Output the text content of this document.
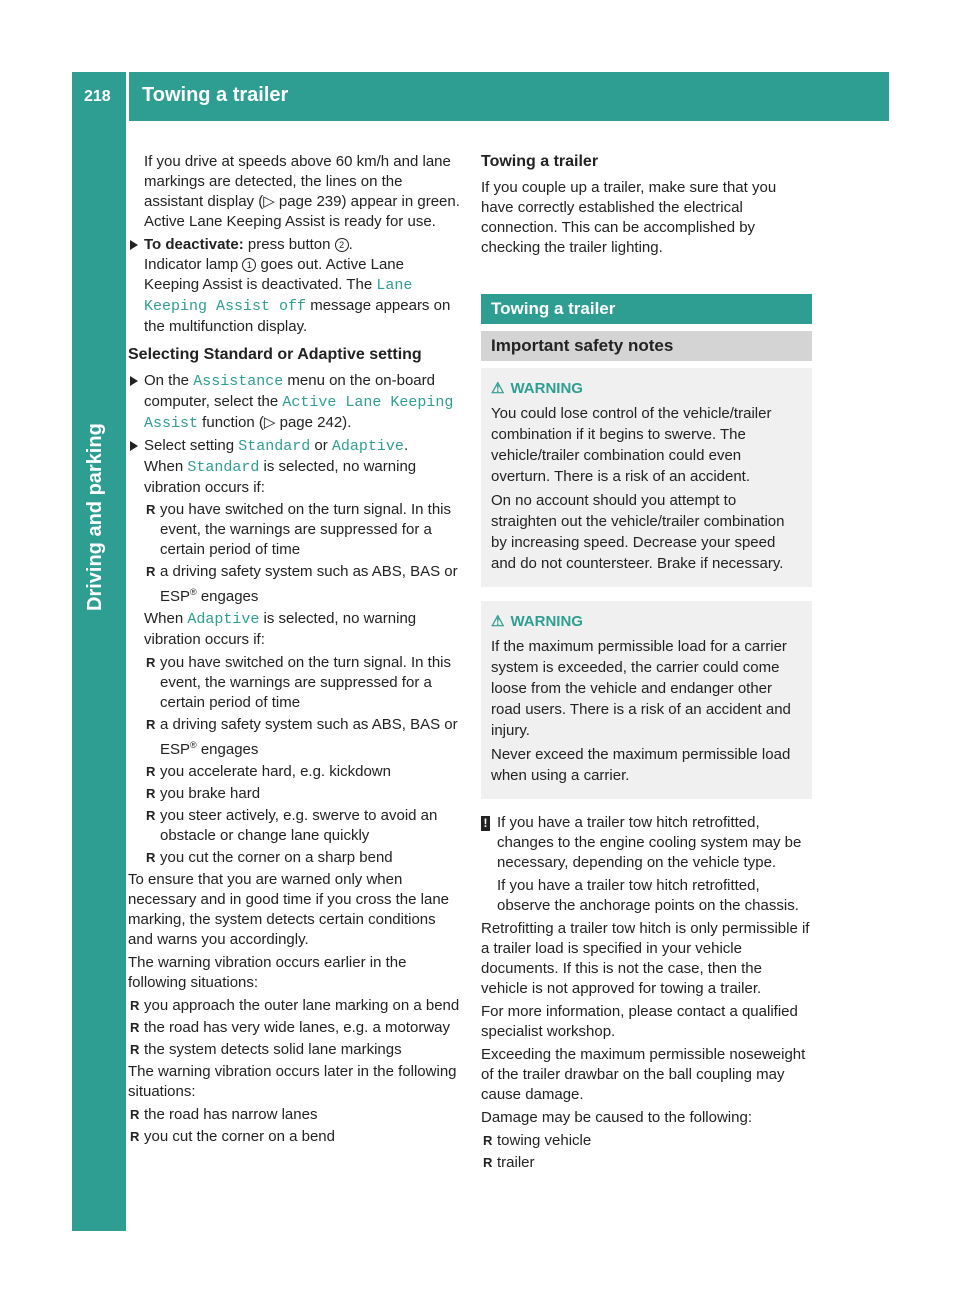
218 Towing a trailer
Driving and parking

If you drive at speeds above 60 km/h and lane markings are detected, the lines on the assistant display (▷ page 239) appear in green.
Active Lane Keeping Assist is ready for use.

To deactivate: press button 2 .
Indicator lamp 1 goes out. Active Lane Keeping Assist is deactivated. The Lane Keeping Assist off message appears on the multifunction display.
Selecting Standard or Adaptive setting
On the Assistance menu on the on-board computer, select the Active Lane Keeping Assist function (▷ page 242).
Select setting Standard or Adaptive.
When Standard is selected, no warning vibration occurs if:
R you have switched on the turn signal. In this event, the warnings are suppressed for a certain period of time
R a driving safety system such as ABS, BAS or ESP® engages

When Adaptive is selected, no warning vibration occurs if:

R you have switched on the turn signal. In this event, the warnings are suppressed for a certain period of time
R a driving safety system such as ABS, BAS or ESP® engages
R you accelerate hard, e.g. kickdown
R you brake hard
R you steer actively, e.g. swerve to avoid an obstacle or change lane quickly
R you cut the corner on a sharp bend

To ensure that you are warned only when necessary and in good time if you cross the lane marking, the system detects certain conditions and warns you accordingly.

The warning vibration occurs earlier in the following situations:

R you approach the outer lane marking on a bend
R the road has very wide lanes, e.g. a motorway
R the system detects solid lane markings

The warning vibration occurs later in the following situations:

R the road has narrow lanes
R you cut the corner on a bend
Towing a trailer

If you couple up a trailer, make sure that you have correctly established the electrical connection. This can be accomplished by checking the trailer lighting.

Towing a trailer
Important safety notes
⚠ WARNING

You could lose control of the vehicle/trailer combination if it begins to swerve. The vehicle/trailer combination could even overturn. There is a risk of an accident.

On no account should you attempt to straighten out the vehicle/trailer combination by increasing speed. Decrease your speed and do not countersteer. Brake if necessary.

⚠ WARNING

If the maximum permissible load for a carrier system is exceeded, the carrier could come loose from the vehicle and endanger other road users. There is a risk of an accident and injury.

Never exceed the maximum permissible load when using a carrier.

! If you have a trailer tow hitch retrofitted, changes to the engine cooling system may be necessary, depending on the vehicle type.

If you have a trailer tow hitch retrofitted, observe the anchorage points on the chassis.

Retrofitting a trailer tow hitch is only permissible if a trailer load is specified in your vehicle documents. If this is not the case, then the vehicle is not approved for towing a trailer.

For more information, please contact a qualified specialist workshop.

Exceeding the maximum permissible noseweight of the trailer drawbar on the ball coupling may cause damage.

Damage may be caused to the following:

R towing vehicle
R trailer
